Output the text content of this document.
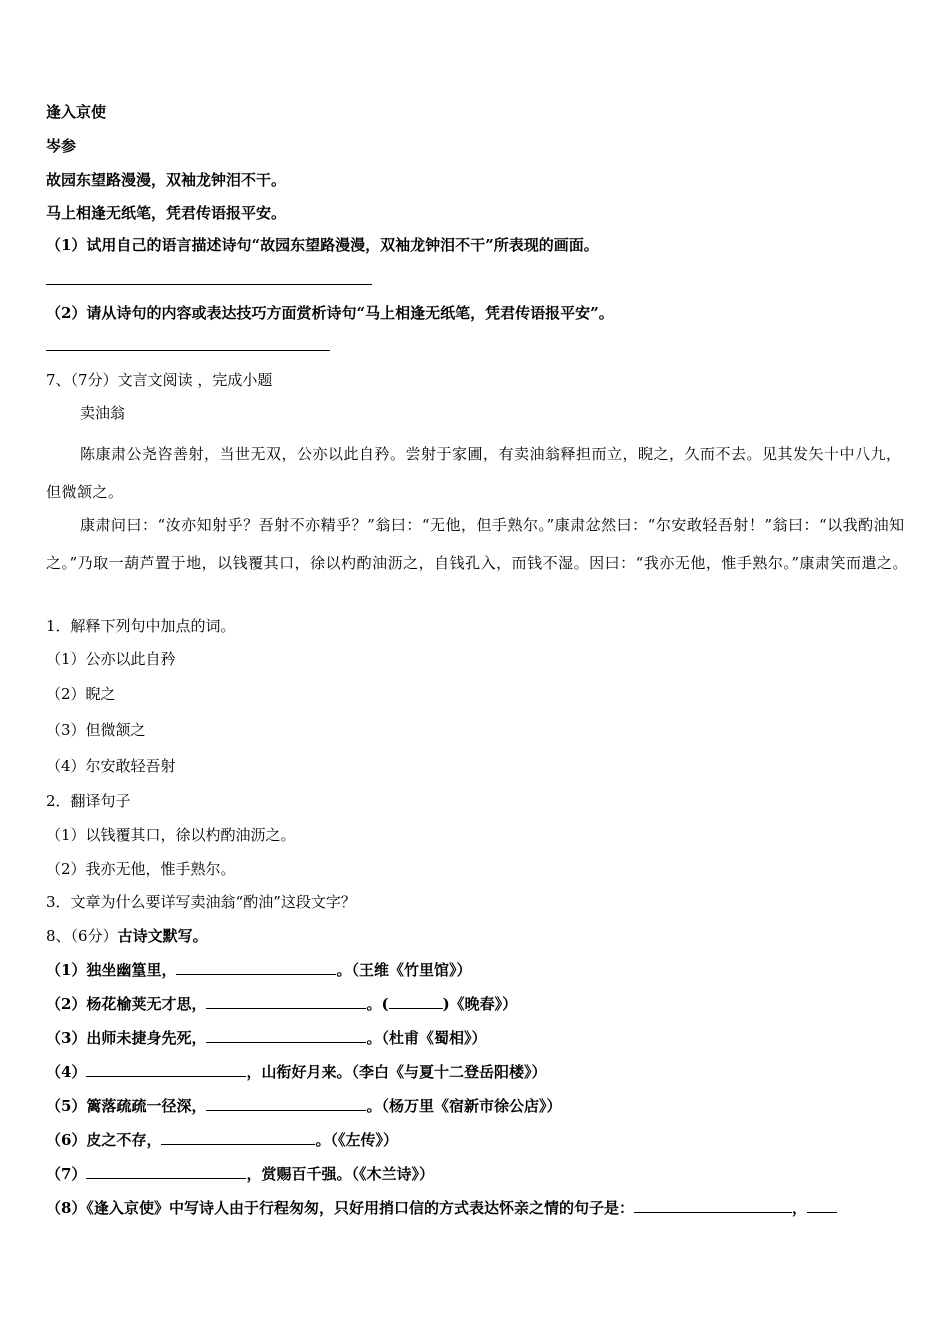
逢入京使
岑参
故园东望路漫漫，双袖龙钟泪不干。
马上相逢无纸笔，凭君传语报平安。
（1）试用自己的语言描述诗句“故园东望路漫漫，双袖龙钟泪不干”所表现的画面。
（2）请从诗句的内容或表达技巧方面赏析诗句“马上相逢无纸笔，凭君传语报平安”。
7、（7分）文言文阅读 ，完成小题
卖油翁
陈康肃公尧咨善射，当世无双，公亦以此自矜。尝射于家圃，有卖油翁释担而立，睨之，久而不去。见其发矢十中八九，但微颔之。
康肃问曰：“汝亦知射乎？吾射不亦精乎？”翁曰：“无他，但手熟尔。”康肃忿然曰：“尔安敢轻吾射！”翁曰：“以我酌油知之。”乃取一葫芦置于地，以钱覆其口，徐以杓酌油沥之，自钱孔入，而钱不湿。因曰：“我亦无他，惟手熟尔。”康肃笑而遣之。
1．解释下列句中加点的词。
（1）公亦以此自矜
（2）睨之
（3）但微颔之
（4）尔安敢轻吾射
2．翻译句子
（1）以钱覆其口，徐以杓酌油沥之。
（2）我亦无他，惟手熟尔。
3．文章为什么要详写卖油翁“酌油”这段文字？
8、（6分）古诗文默写。
（1）独坐幽篁里，	。（王维《竹里馆》）
（2）杨花榆荚无才思，	。(	)《晚春》）
（3）出师未捷身先死，	。（杜甫《蜀相》）
（4）	，山衔好月来。（李白《与夏十二登岳阳楼》）
（5）篱落疏疏一径深，	。（杨万里《宿新市徐公店》）
（6）皮之不存，	。（《左传》）
（7）	，赏赐百千强。（《木兰诗》）
（8）《逢入京使》中写诗人由于行程匆匆，只好用捎口信的方式表达怀亲之情的句子是：	，
